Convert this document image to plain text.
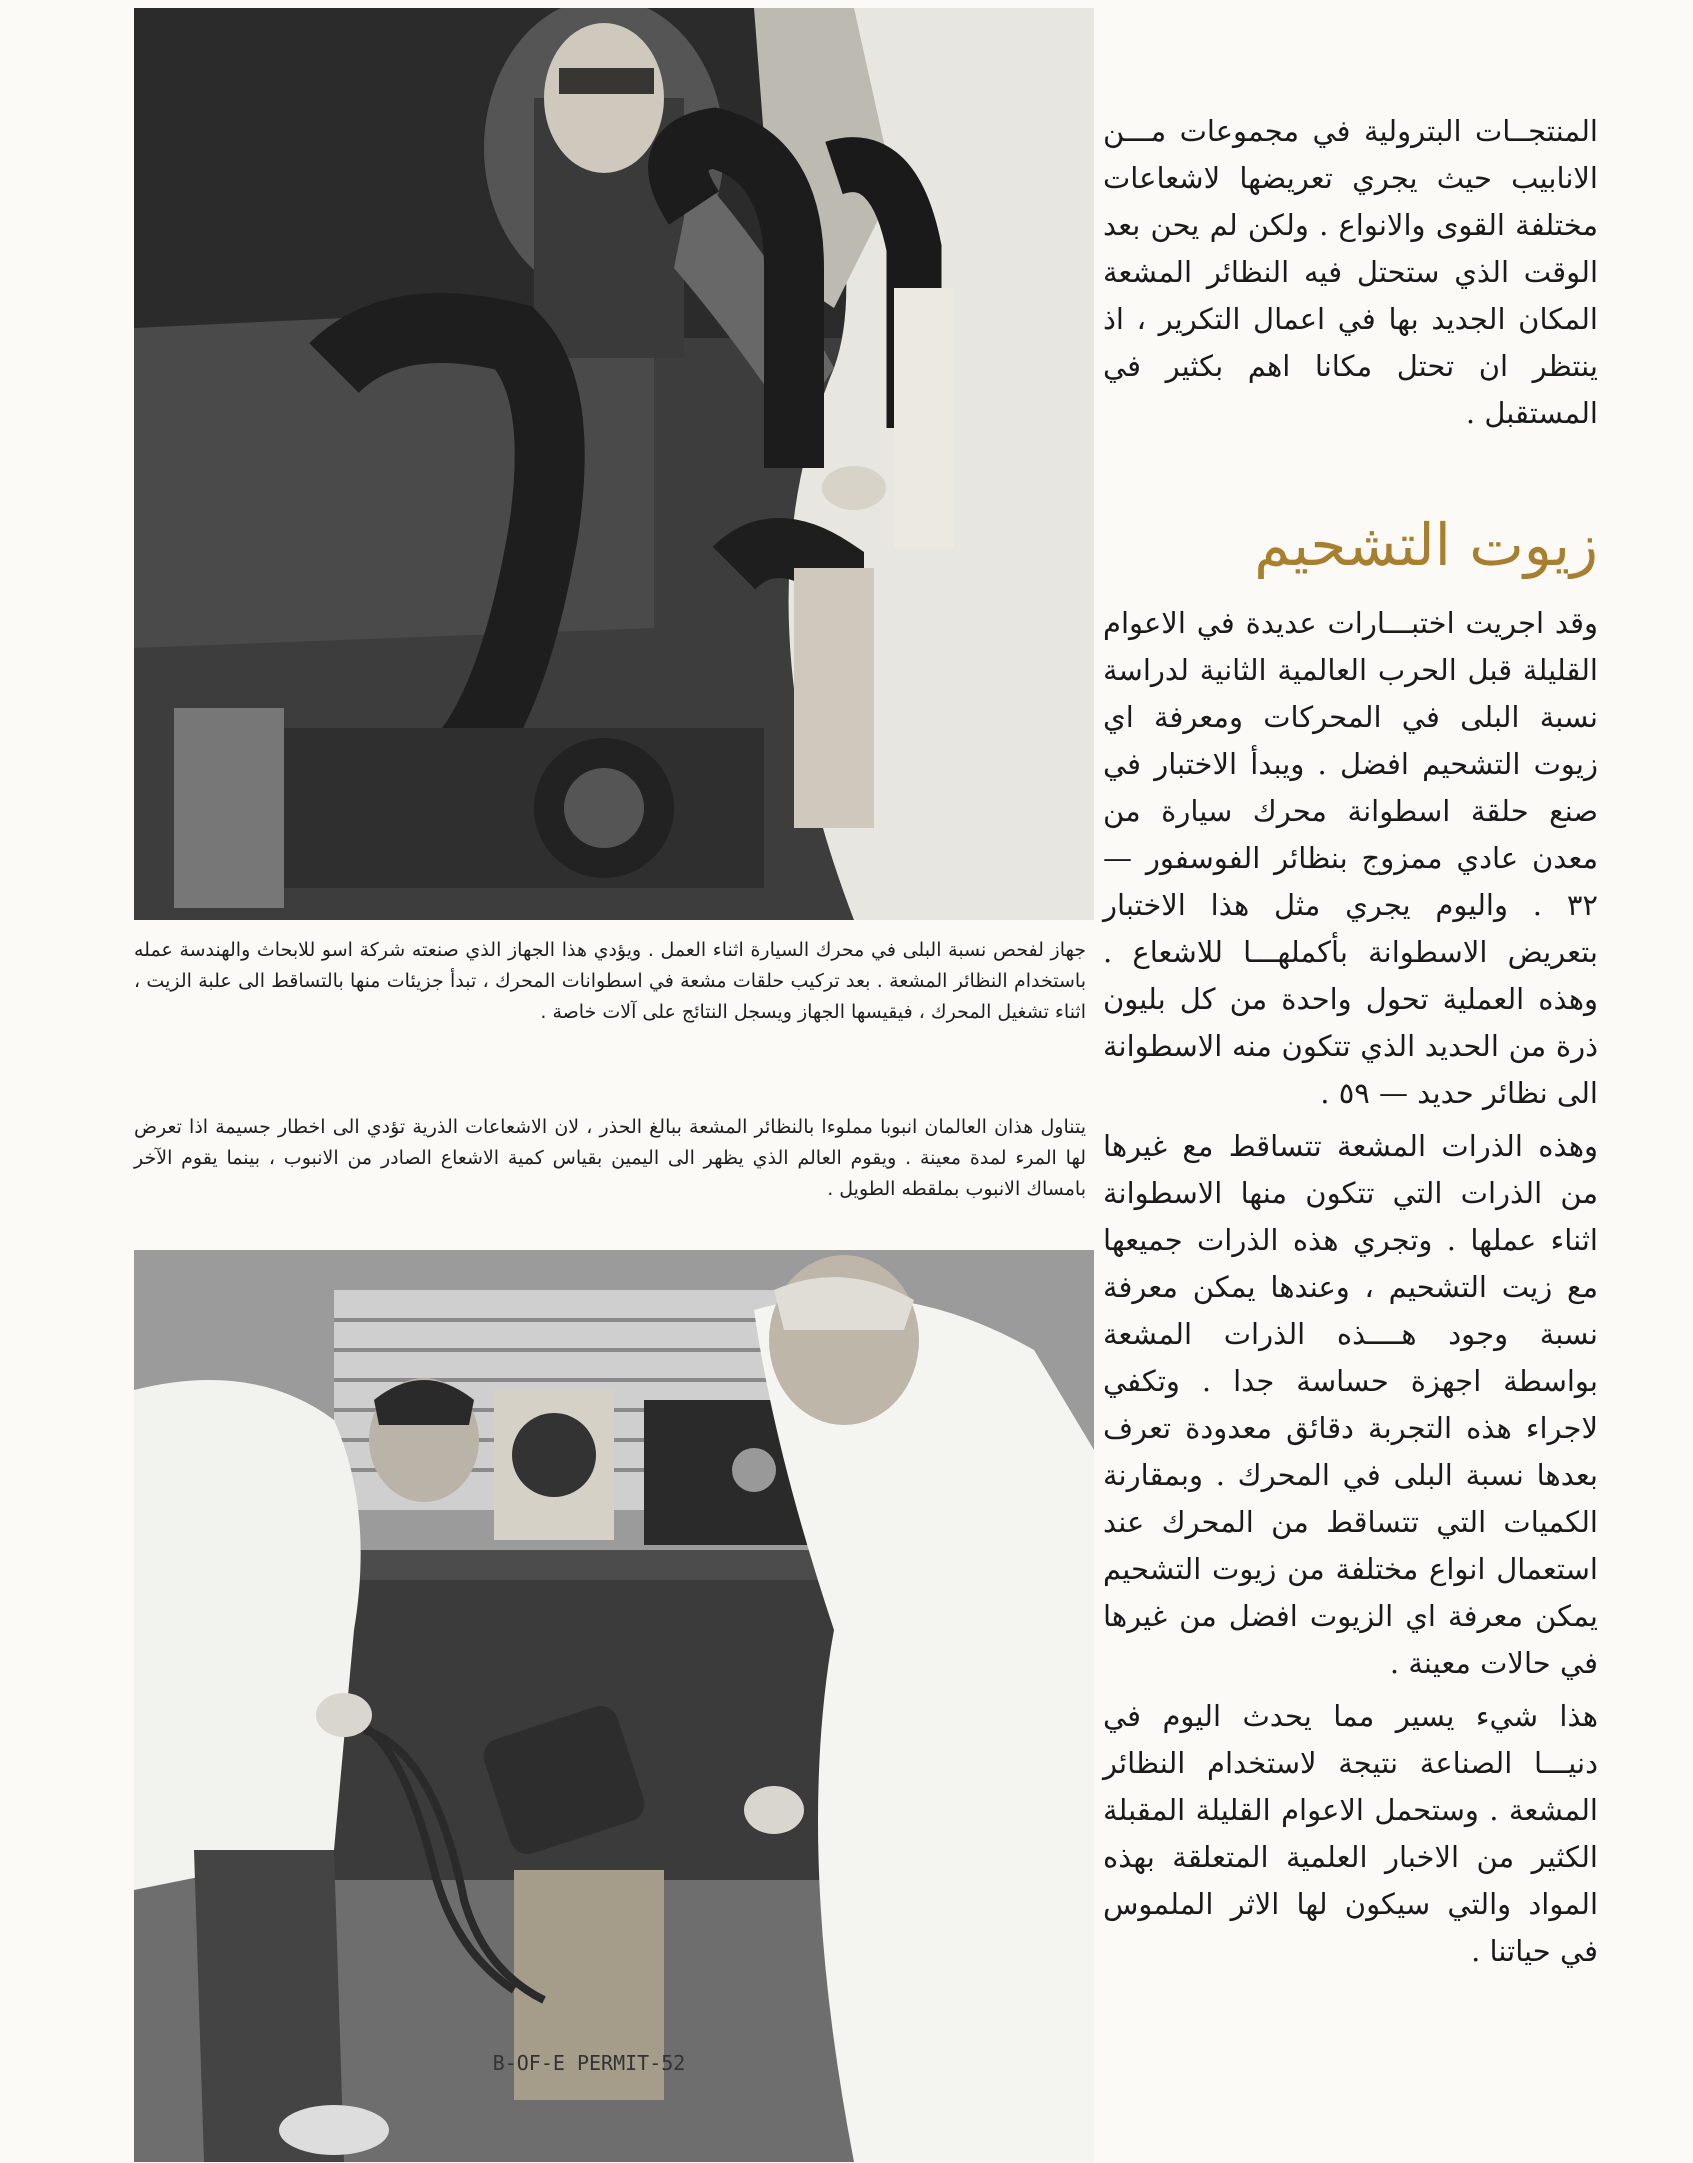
جهاز لفحص نسبة البلى في محرك السيارة اثناء العمل . ويؤدي هذا الجهاز الذي صنعته شركة اسو للابحاث والهندسة عمله باستخدام النظائر المشعة . بعد تركيب حلقات مشعة في اسطوانات المحرك ، تبدأ جزيئات منها بالتساقط الى علبة الزيت ، اثناء تشغيل المحرك ، فيقيسها الجهاز ويسجل النتائج على آلات خاصة .
يتناول هذان العالمان انبوبا مملوءا بالنظائر المشعة ببالغ الحذر ، لان الاشعاعات الذرية تؤدي الى اخطار جسيمة اذا تعرض لها المرء لمدة معينة . ويقوم العالم الذي يظهر الى اليمين بقياس كمية الاشعاع الصادر من الانبوب ، بينما يقوم الآخر بامساك الانبوب بملقطه الطويل .
B-OF-E PERMIT-52

المنتجــات البترولية في مجموعات مـــن الانابيب حيث يجري تعريضها لاشعاعات مختلفة القوى والانواع . ولكن لم يحن بعد الوقت الذي ستحتل فيه النظائر المشعة المكان الجديد بها في اعمال التكرير ، اذ ينتظر ان تحتل مكانا اهم بكثير في المستقبل .

زيوت التشحيم

وقد اجريت اختبـــارات عديدة في الاعوام القليلة قبل الحرب العالمية الثانية لدراسة نسبة البلى في المحركات ومعرفة اي زيوت التشحيم افضل . ويبدأ الاختبار في صنع حلقة اسطوانة محرك سيارة من معدن عادي ممزوج بنظائر الفوسفور — ٣٢ . واليوم يجري مثل هذا الاختبار بتعريض الاسطوانة بأكملهـــا للاشعاع . وهذه العملية تحول واحدة من كل بليون ذرة من الحديد الذي تتكون منه الاسطوانة الى نظائر حديد — ٥٩ .

وهذه الذرات المشعة تتساقط مع غيرها من الذرات التي تتكون منها الاسطوانة اثناء عملها . وتجري هذه الذرات جميعها مع زيت التشحيم ، وعندها يمكن معرفة نسبة وجود هــــذه الذرات المشعة بواسطة اجهزة حساسة جدا . وتكفي لاجراء هذه التجربة دقائق معدودة تعرف بعدها نسبة البلى في المحرك . وبمقارنة الكميات التي تتساقط من المحرك عند استعمال انواع مختلفة من زيوت التشحيم يمكن معرفة اي الزيوت افضل من غيرها في حالات معينة .

هذا شيء يسير مما يحدث اليوم في دنيـــا الصناعة نتيجة لاستخدام النظائر المشعة . وستحمل الاعوام القليلة المقبلة الكثير من الاخبار العلمية المتعلقة بهذه المواد والتي سيكون لها الاثر الملموس في حياتنا .
